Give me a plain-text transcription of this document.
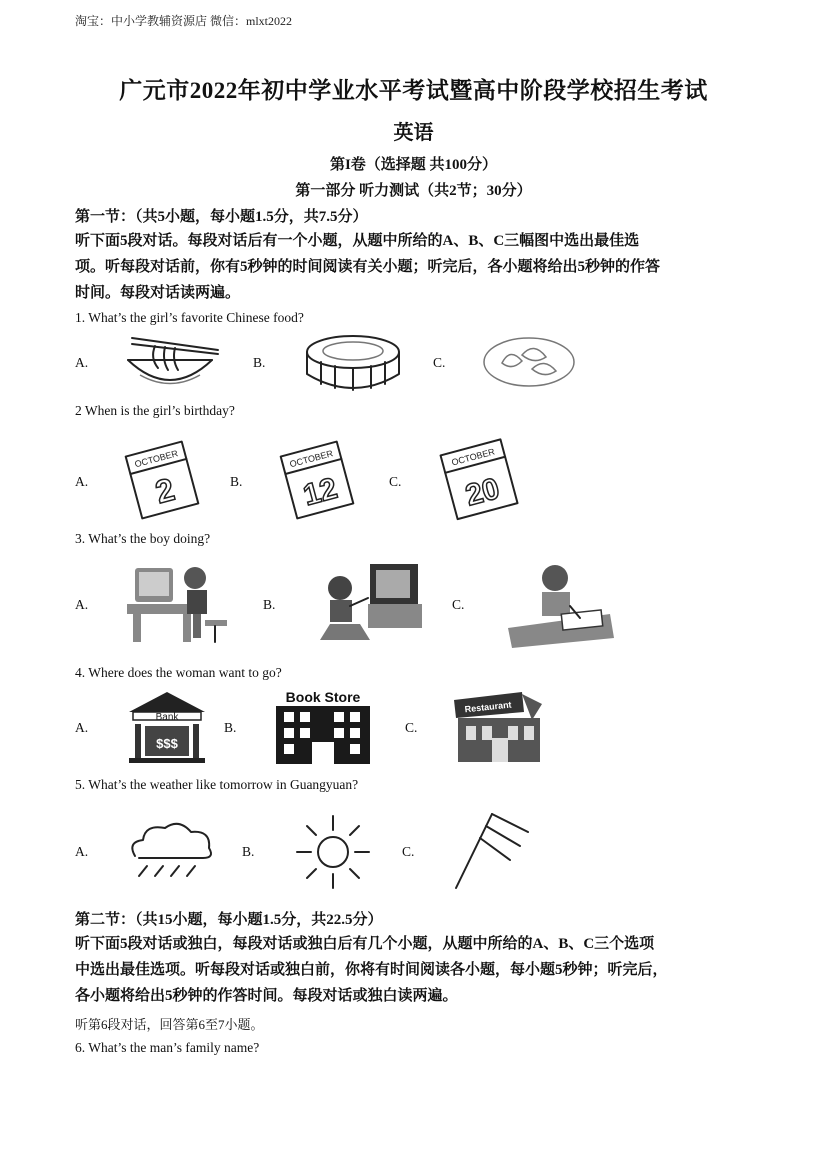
淘宝：中小学教辅资源店 微信：mlxt2022
广元市2022年初中学业水平考试暨高中阶段学校招生考试
英语
第I卷（选择题 共100分）
第一部分 听力测试（共2节；30分）
第一节：（共5小题，每小题1.5分，共7.5分）
听下面5段对话。每段对话后有一个小题，从题中所给的A、B、C三幅图中选出最佳选
项。听每段对话前，你有5秒钟的时间阅读有关小题；听完后，各小题将给出5秒钟的作答
时间。每段对话读两遍。
1. What’s the girl’s favorite Chinese food?
A.	B.	C.
2 When is the girl’s birthday?
A.	B.	C.
OCTOBER
2
OCTOBER
12
OCTOBER
20
3. What’s the boy doing?
A.	B.	C.
4. Where does the woman want to go?
A.	B.	C.
Bank
$$$
Book Store
Restaurant
5. What’s the weather like tomorrow in Guangyuan?
A.	B.	C.
第二节：（共15小题，每小题1.5分，共22.5分）
听下面5段对话或独白，每段对话或独白后有几个小题，从题中所给的A、B、C三个选项
中选出最佳选项。听每段对话或独白前，你将有时间阅读各小题，每小题5秒钟；听完后，
各小题将给出5秒钟的作答时间。每段对话或独白读两遍。
听第6段对话，回答第6至7小题。
6. What’s the man’s family name?
